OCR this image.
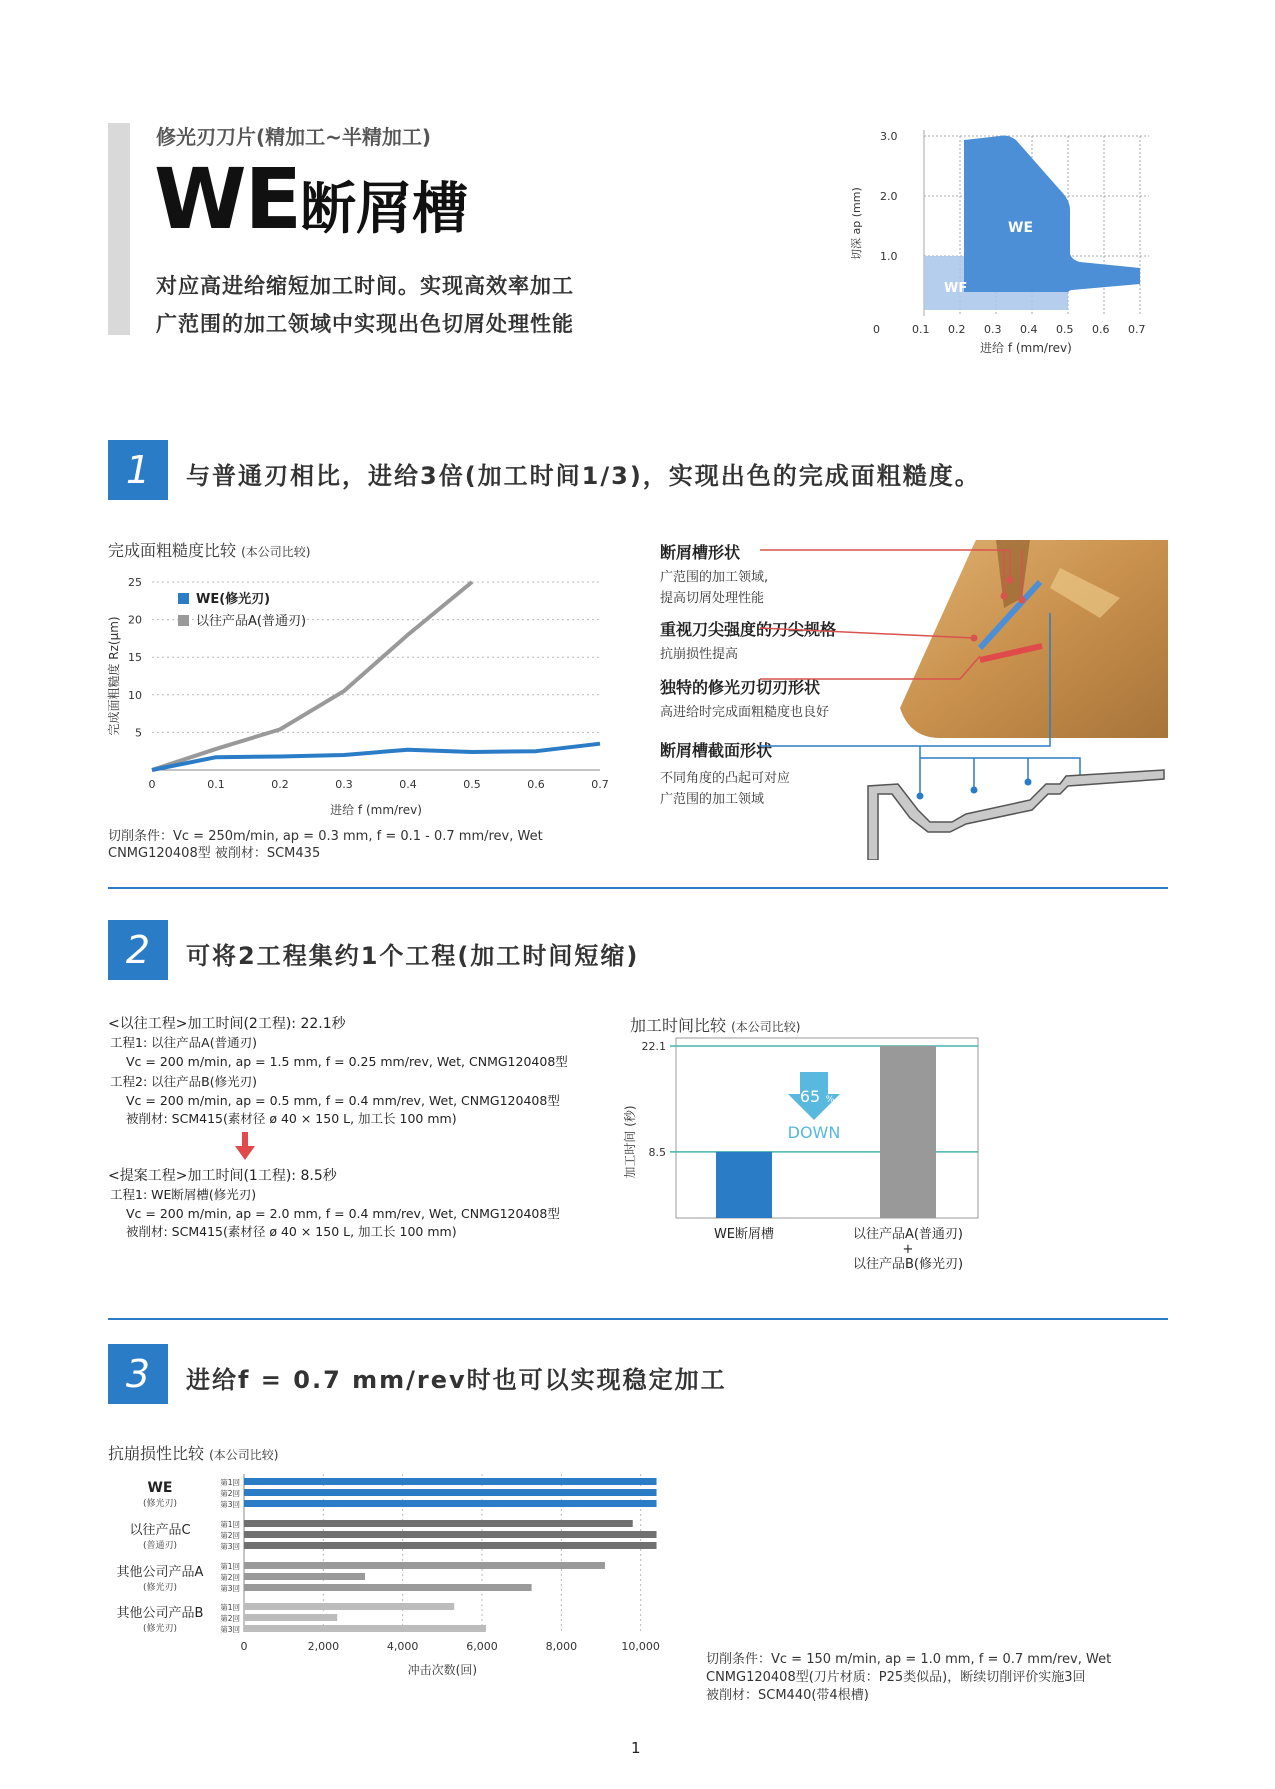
修光刃刀片(精加工~半精加工)
WE断屑槽
对应高进给缩短加工时间。实现高效率加工
广范围的加工领域中实现出色切屑处理性能
WE
WF
3.0
2.0
1.0
切深 ap (mm)
0	0.1 0.2 0.3 0.4 0.5 0.6 0.7
进给 f (mm/rev)
1	与普通刃相比，进给3倍(加工时间1/3)，实现出色的完成面粗糙度。
完成面粗糙度比较 (本公司比较)
5
10
15
20
25
0	0.1	0.2	0.3	0.4	0.5	0.6	0.7
进给 f (mm/rev)
完成面粗糙度 Rz(μm)
WE(修光刃)
以往产品A(普通刃)
切削条件：Vc = 250m/min, ap = 0.3 mm, f = 0.1 - 0.7 mm/rev, Wet
CNMG120408型 被削材：SCM435
断屑槽形状
广范围的加工领域,
提高切屑处理性能
重视刀尖强度的刀尖规格
抗崩损性提高
独特的修光刃切刃形状
高进给时完成面粗糙度也良好
断屑槽截面形状
不同角度的凸起可对应
广范围的加工领域
2	可将2工程集约1个工程(加工时间短缩)
<以往工程>加工时间(2工程): 22.1秒
工程1: 以往产品A(普通刃)
Vc = 200 m/min, ap = 1.5 mm, f = 0.25 mm/rev, Wet, CNMG120408型
工程2: 以往产品B(修光刃)
Vc = 200 m/min, ap = 0.5 mm, f = 0.4 mm/rev, Wet, CNMG120408型
被削材: SCM415(素材径 ø 40 × 150 L, 加工长 100 mm)
<提案工程>加工时间(1工程): 8.5秒
工程1: WE断屑槽(修光刃)
Vc = 200 m/min, ap = 2.0 mm, f = 0.4 mm/rev, Wet, CNMG120408型
被削材: SCM415(素材径 ø 40 × 150 L, 加工长 100 mm)
加工时间比较 (本公司比较)
22.1
8.5
加工时间 (秒)
WE断屑槽	以往产品A(普通刃)
+
以往产品B(修光刃)
65 %
DOWN
3	进给f = 0.7 mm/rev时也可以实现稳定加工
抗崩损性比较 (本公司比较)
0	2,000	4,000	6,000	8,000	10,000
冲击次数(回)
WE
(修光刃)
第1回
第2回
第3回
以往产品C
(普通刃)
第1回
第2回
第3回
其他公司产品A
(修光刃)
第1回
第2回
第3回
其他公司产品B
(修光刃)
第1回
第2回
第3回
切削条件：Vc = 150 m/min, ap = 1.0 mm, f = 0.7 mm/rev, Wet
CNMG120408型(刀片材质：P25类似品)，断续切削评价实施3回
被削材：SCM440(带4根槽)
1
